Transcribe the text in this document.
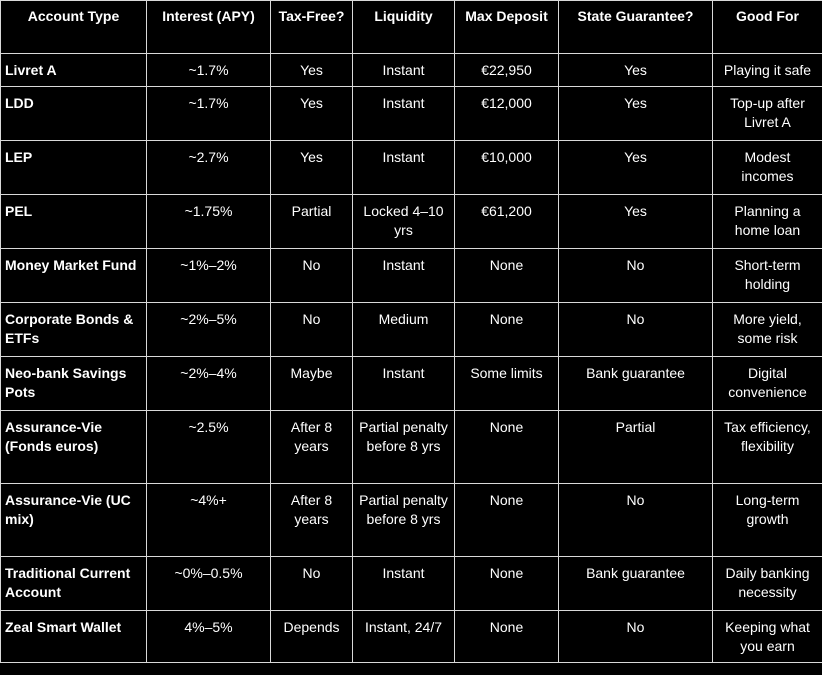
Account Type	Interest (APY)	Tax-Free?	Liquidity	Max Deposit	State Guarantee?	Good For
Livret A	~1.7%	Yes	Instant	€22,950	Yes	Playing it safe
LDD	~1.7%	Yes	Instant	€12,000	Yes	Top-up after Livret A
LEP	~2.7%	Yes	Instant	€10,000	Yes	Modest incomes
PEL	~1.75%	Partial	Locked 4–10 yrs	€61,200	Yes	Planning a home loan
Money Market Fund	~1%–2%	No	Instant	None	No	Short-term holding
Corporate Bonds & ETFs	~2%–5%	No	Medium	None	No	More yield, some risk
Neo-bank Savings Pots	~2%–4%	Maybe	Instant	Some limits	Bank guarantee	Digital convenience
Assurance-Vie (Fonds euros)	~2.5%	After 8 years	Partial penalty before 8 yrs	None	Partial	Tax efficiency, flexibility
Assurance-Vie (UC mix)	~4%+	After 8 years	Partial penalty before 8 yrs	None	No	Long-term growth
Traditional Current Account	~0%–0.5%	No	Instant	None	Bank guarantee	Daily banking necessity
Zeal Smart Wallet	4%–5%	Depends	Instant, 24/7	None	No	Keeping what you earn
